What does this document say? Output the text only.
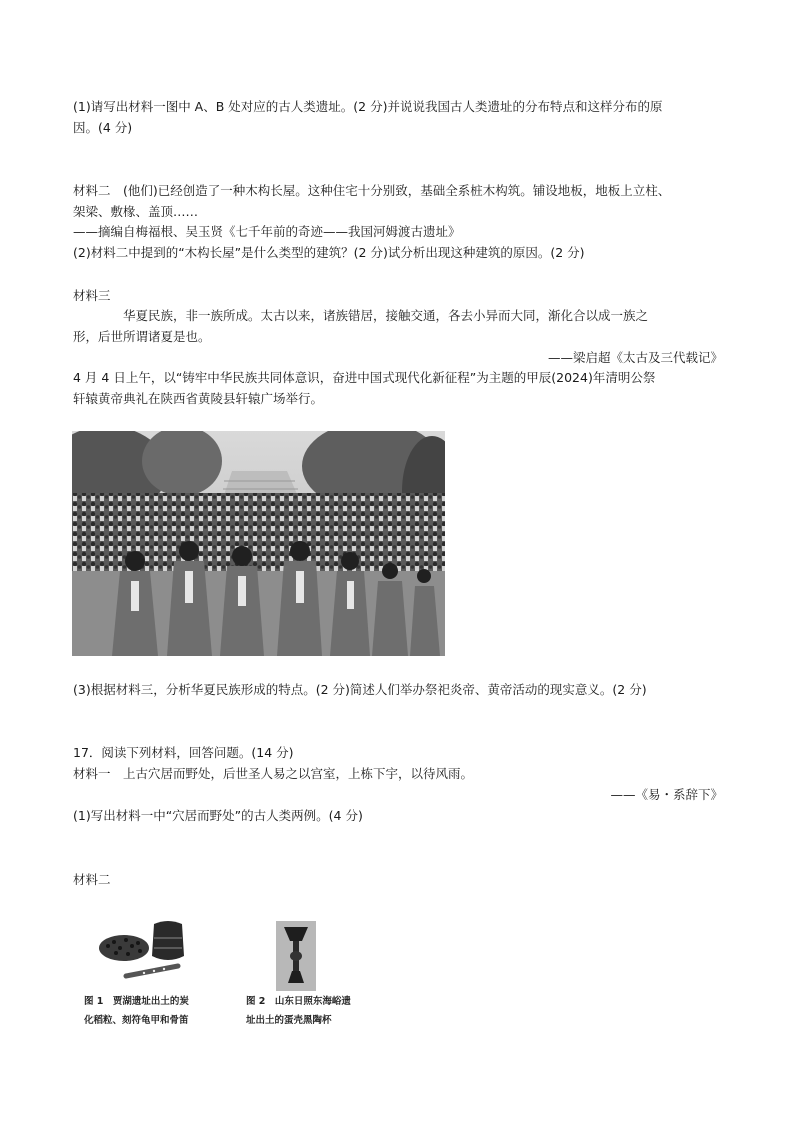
(1)请写出材料一图中 A、B 处对应的古人类遗址。(2 分)并说说我国古人类遗址的分布特点和这样分布的原
因。(4 分)
材料二　(他们)已经创造了一种木构长屋。这种住宅十分别致，基础全系桩木构筑。铺设地板，地板上立柱、
架梁、敷椽、盖顶……
——摘编自梅福根、吴玉贤《七千年前的奇迹——我国河姆渡古遗址》
(2)材料二中提到的“木构长屋”是什么类型的建筑？(2 分)试分析出现这种建筑的原因。(2 分)
材料三
华夏民族，非一族所成。太古以来，诸族错居，接触交通，各去小异而大同，渐化合以成一族之
形，后世所谓诸夏是也。
——梁启超《太古及三代载记》
4 月 4 日上午，以“铸牢中华民族共同体意识，奋进中国式现代化新征程”为主题的甲辰(2024)年清明公祭
轩辕黄帝典礼在陕西省黄陵县轩辕广场举行。
(3)根据材料三，分析华夏民族形成的特点。(2 分)简述人们举办祭祀炎帝、黄帝活动的现实意义。(2 分)
17．阅读下列材料，回答问题。(14 分)
材料一　上古穴居而野处，后世圣人易之以宫室，上栋下宇，以待风雨。
——《易・系辞下》
(1)写出材料一中“穴居而野处”的古人类两例。(4 分)
材料二
图 1　贾湖遗址出土的炭
化稻粒、刻符龟甲和骨笛
图 2　山东日照东海峪遗
址出土的蛋壳黑陶杯
